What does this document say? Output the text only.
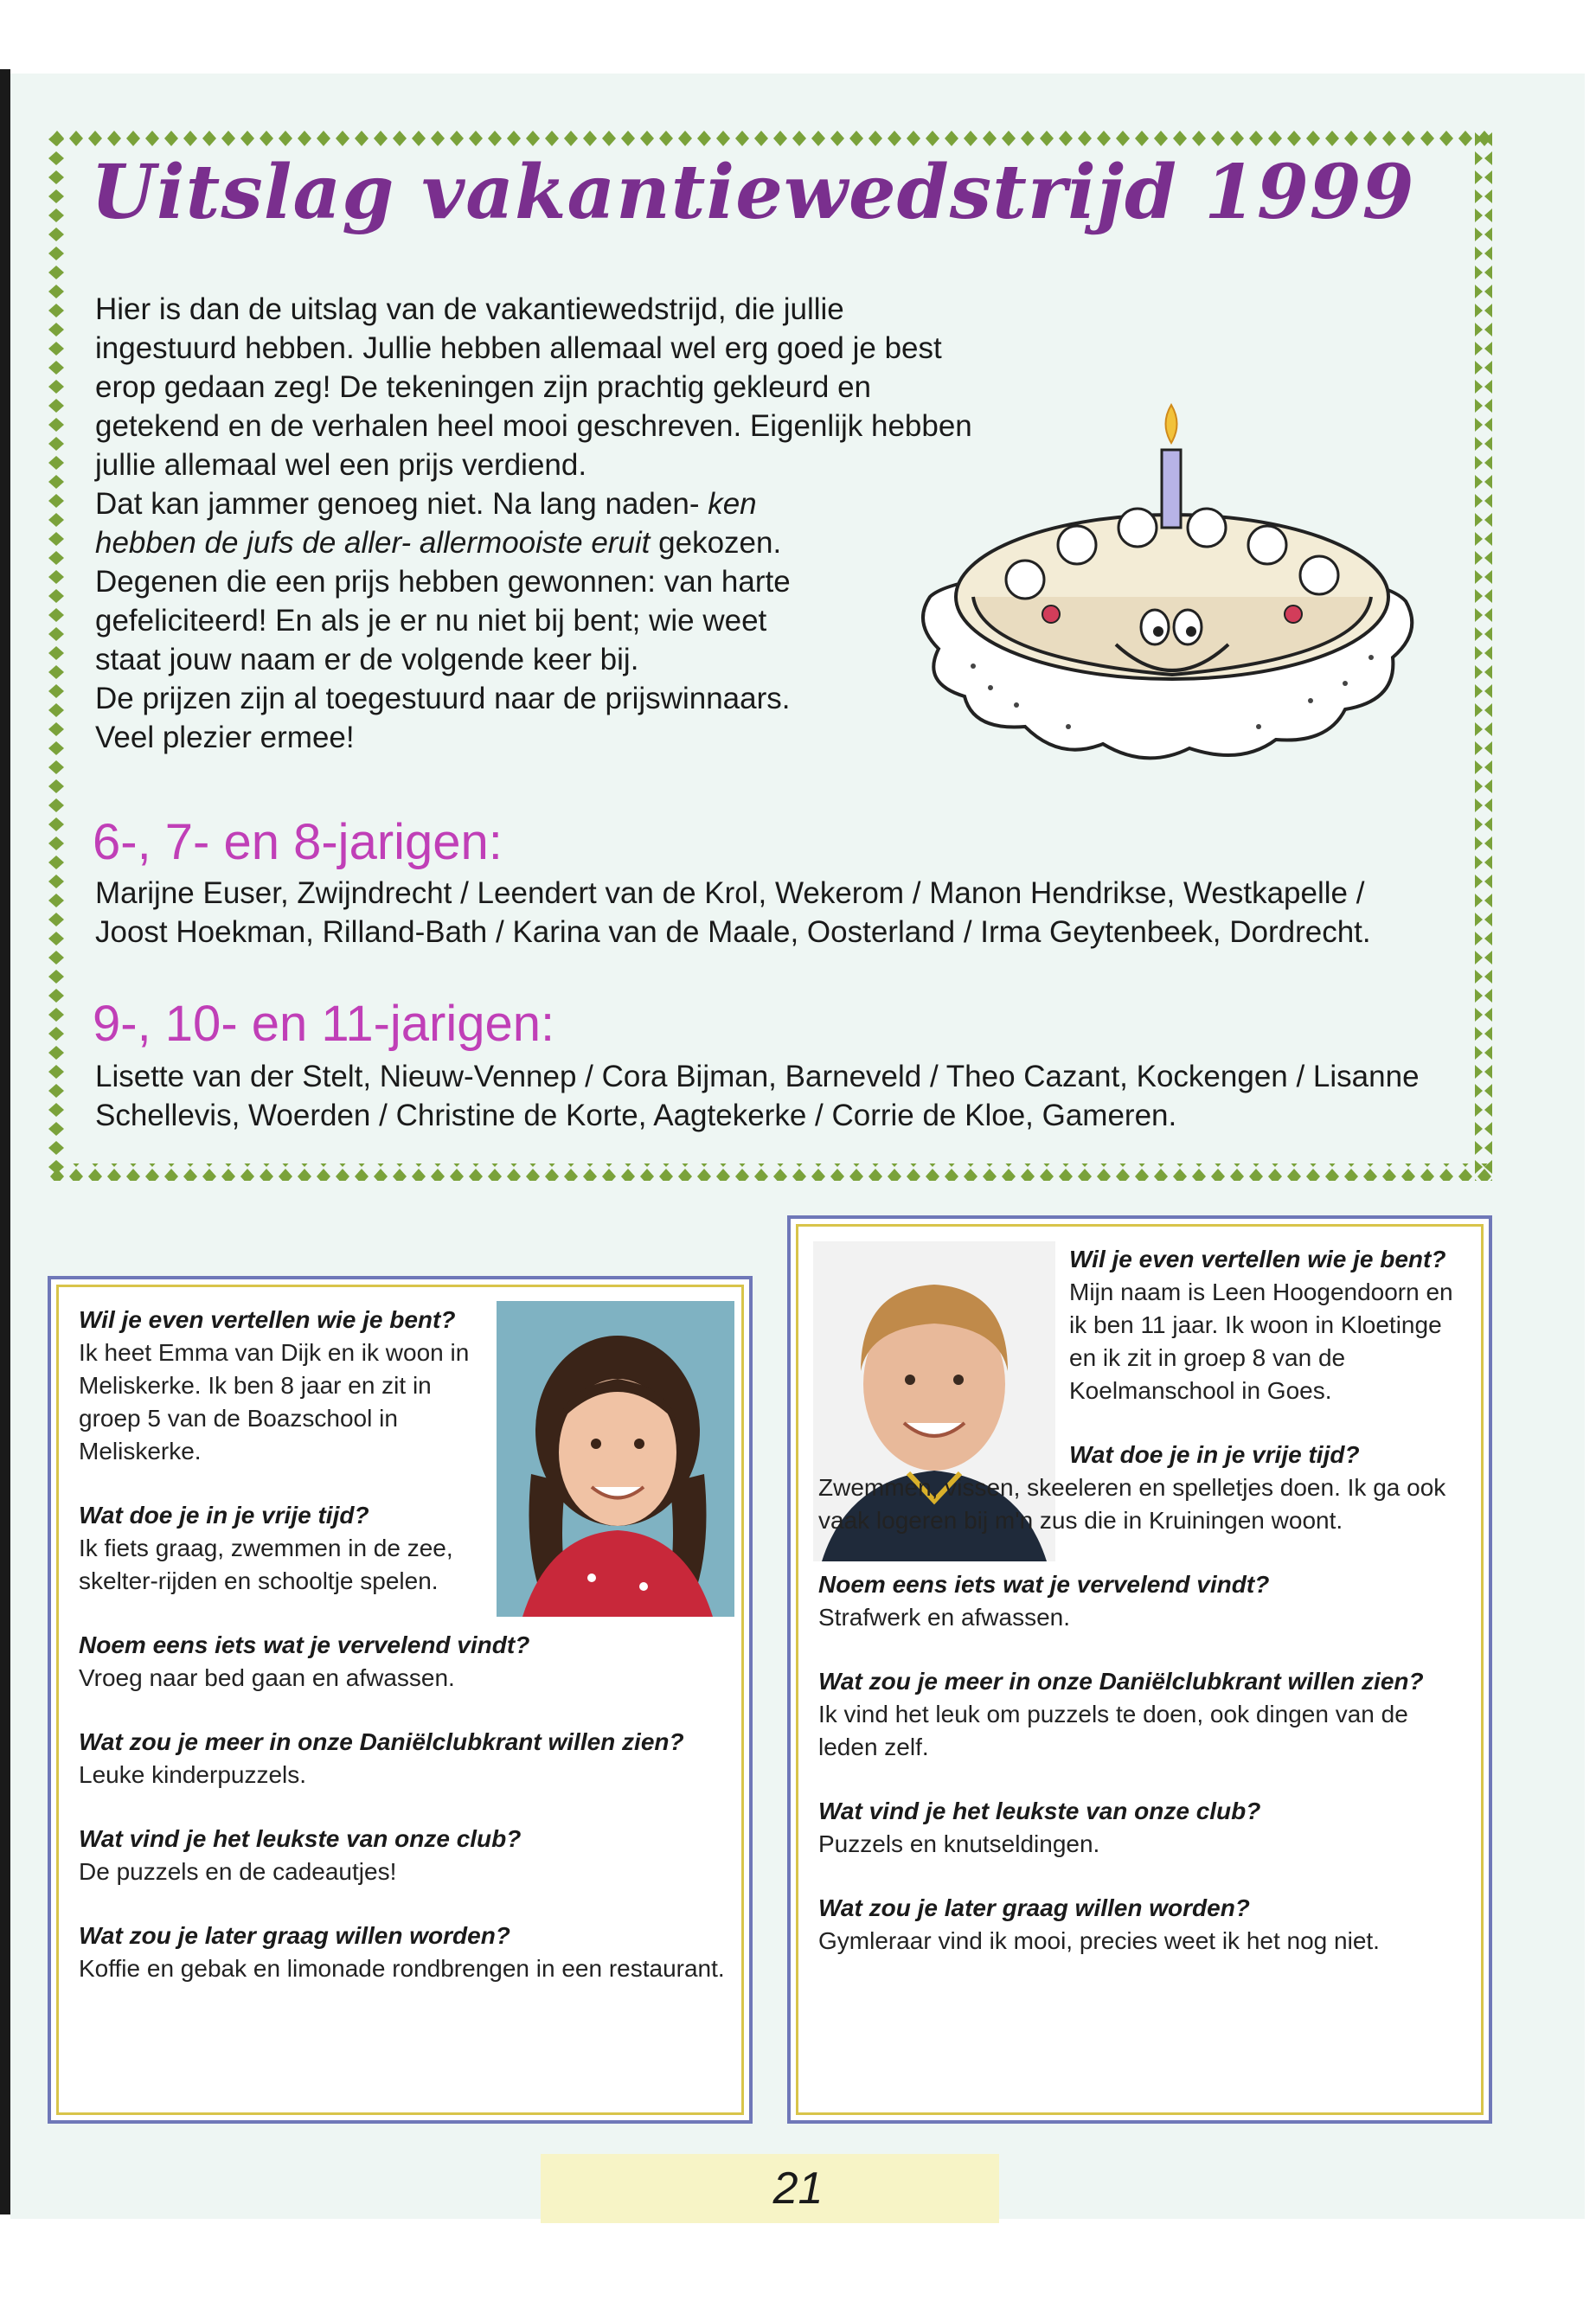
Uitslag vakantiewedstrijd 1999
Hier is dan de uitslag van de vakantiewedstrijd, die jullie ingestuurd hebben. Jullie hebben allemaal wel erg goed je best erop gedaan zeg! De tekeningen zijn prachtig gekleurd en getekend en de verhalen heel mooi geschreven. Eigenlijk hebben jullie allemaal wel een prijs verdiend.
Dat kan jammer genoeg niet. Na lang naden- ken hebben de jufs de aller- allermooiste eruit gekozen. Degenen die een prijs hebben gewonnen: van harte gefeliciteerd! En als je er nu niet bij bent; wie weet staat jouw naam er de volgende keer bij.
De prijzen zijn al toegestuurd naar de prijswinnaars. Veel plezier ermee!
6-, 7- en 8-jarigen:

Marijne Euser, Zwijndrecht / Leendert van de Krol, Wekerom / Manon Hendrikse, Westkapelle / Joost Hoekman, Rilland-Bath / Karina van de Maale, Oosterland / Irma Geytenbeek, Dordrecht.

9-, 10- en 11-jarigen:

Lisette van der Stelt, Nieuw-Vennep / Cora Bijman, Barneveld / Theo Cazant, Kockengen / Lisanne Schellevis, Woerden / Christine de Korte, Aagtekerke / Corrie de Kloe, Gameren.

Wil je even vertellen wie je bent?
Ik heet Emma van Dijk en ik woon in Meliskerke. Ik ben 8 jaar en zit in groep 5 van de Boazschool in Meliskerke.
Wat doe je in je vrije tijd?
Ik fiets graag, zwemmen in de zee, skelter-rijden en schooltje spelen.
Noem eens iets wat je vervelend vindt?
Vroeg naar bed gaan en afwassen.
Wat zou je meer in onze Daniëlclubkrant willen zien?
Leuke kinderpuzzels.
Wat vind je het leukste van onze club?
De puzzels en de cadeautjes!
Wat zou je later graag willen worden?
Koffie en gebak en limonade rondbrengen in een restaurant.
Wil je even vertellen wie je bent?
Mijn naam is Leen Hoogendoorn en ik ben 11 jaar. Ik woon in Kloetinge en ik zit in groep 8 van de Koelmanschool in Goes.
Wat doe je in je vrije tijd?
Zwemmen, vissen, skeeleren en spelletjes doen. Ik ga ook vaak logeren bij m'n zus die in Kruiningen woont.
Noem eens iets wat je vervelend vindt?
Strafwerk en afwassen.
Wat zou je meer in onze Daniëlclubkrant willen zien?
Ik vind het leuk om puzzels te doen, ook dingen van de leden zelf.
Wat vind je het leukste van onze club?
Puzzels en knutseldingen.
Wat zou je later graag willen worden?
Gymleraar vind ik mooi, precies weet ik het nog niet.
21
